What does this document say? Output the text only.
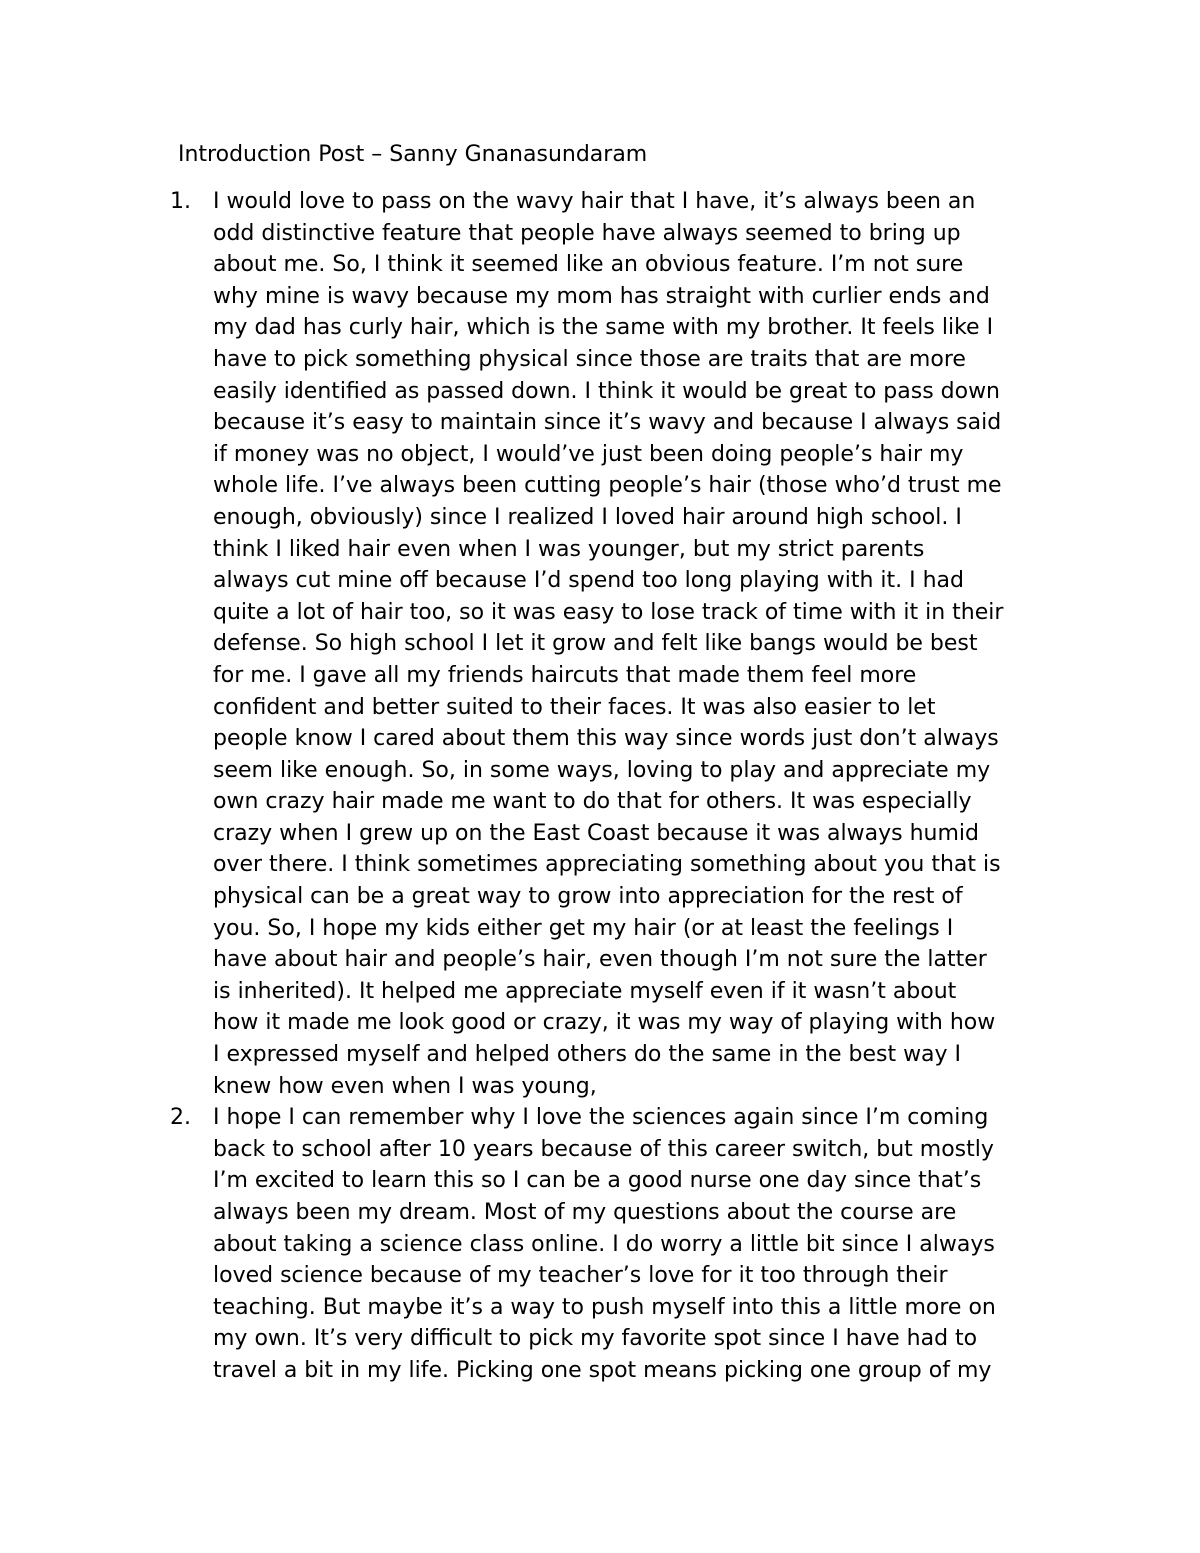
Introduction Post – Sanny Gnanasundaram
1. I would love to pass on the wavy hair that I have, it’s always been an
odd distinctive feature that people have always seemed to bring up
about me. So, I think it seemed like an obvious feature. I’m not sure
why mine is wavy because my mom has straight with curlier ends and
my dad has curly hair, which is the same with my brother. It feels like I
have to pick something physical since those are traits that are more
easily identified as passed down. I think it would be great to pass down
because it’s easy to maintain since it’s wavy and because I always said
if money was no object, I would’ve just been doing people’s hair my
whole life. I’ve always been cutting people’s hair (those who’d trust me
enough, obviously) since I realized I loved hair around high school. I
think I liked hair even when I was younger, but my strict parents
always cut mine off because I’d spend too long playing with it. I had
quite a lot of hair too, so it was easy to lose track of time with it in their
defense. So high school I let it grow and felt like bangs would be best
for me. I gave all my friends haircuts that made them feel more
confident and better suited to their faces. It was also easier to let
people know I cared about them this way since words just don’t always
seem like enough. So, in some ways, loving to play and appreciate my
own crazy hair made me want to do that for others. It was especially
crazy when I grew up on the East Coast because it was always humid
over there. I think sometimes appreciating something about you that is
physical can be a great way to grow into appreciation for the rest of
you. So, I hope my kids either get my hair (or at least the feelings I
have about hair and people’s hair, even though I’m not sure the latter
is inherited). It helped me appreciate myself even if it wasn’t about
how it made me look good or crazy, it was my way of playing with how
I expressed myself and helped others do the same in the best way I
knew how even when I was young,
2. I hope I can remember why I love the sciences again since I’m coming
back to school after 10 years because of this career switch, but mostly
I’m excited to learn this so I can be a good nurse one day since that’s
always been my dream. Most of my questions about the course are
about taking a science class online. I do worry a little bit since I always
loved science because of my teacher’s love for it too through their
teaching. But maybe it’s a way to push myself into this a little more on
my own. It’s very difficult to pick my favorite spot since I have had to
travel a bit in my life. Picking one spot means picking one group of my
